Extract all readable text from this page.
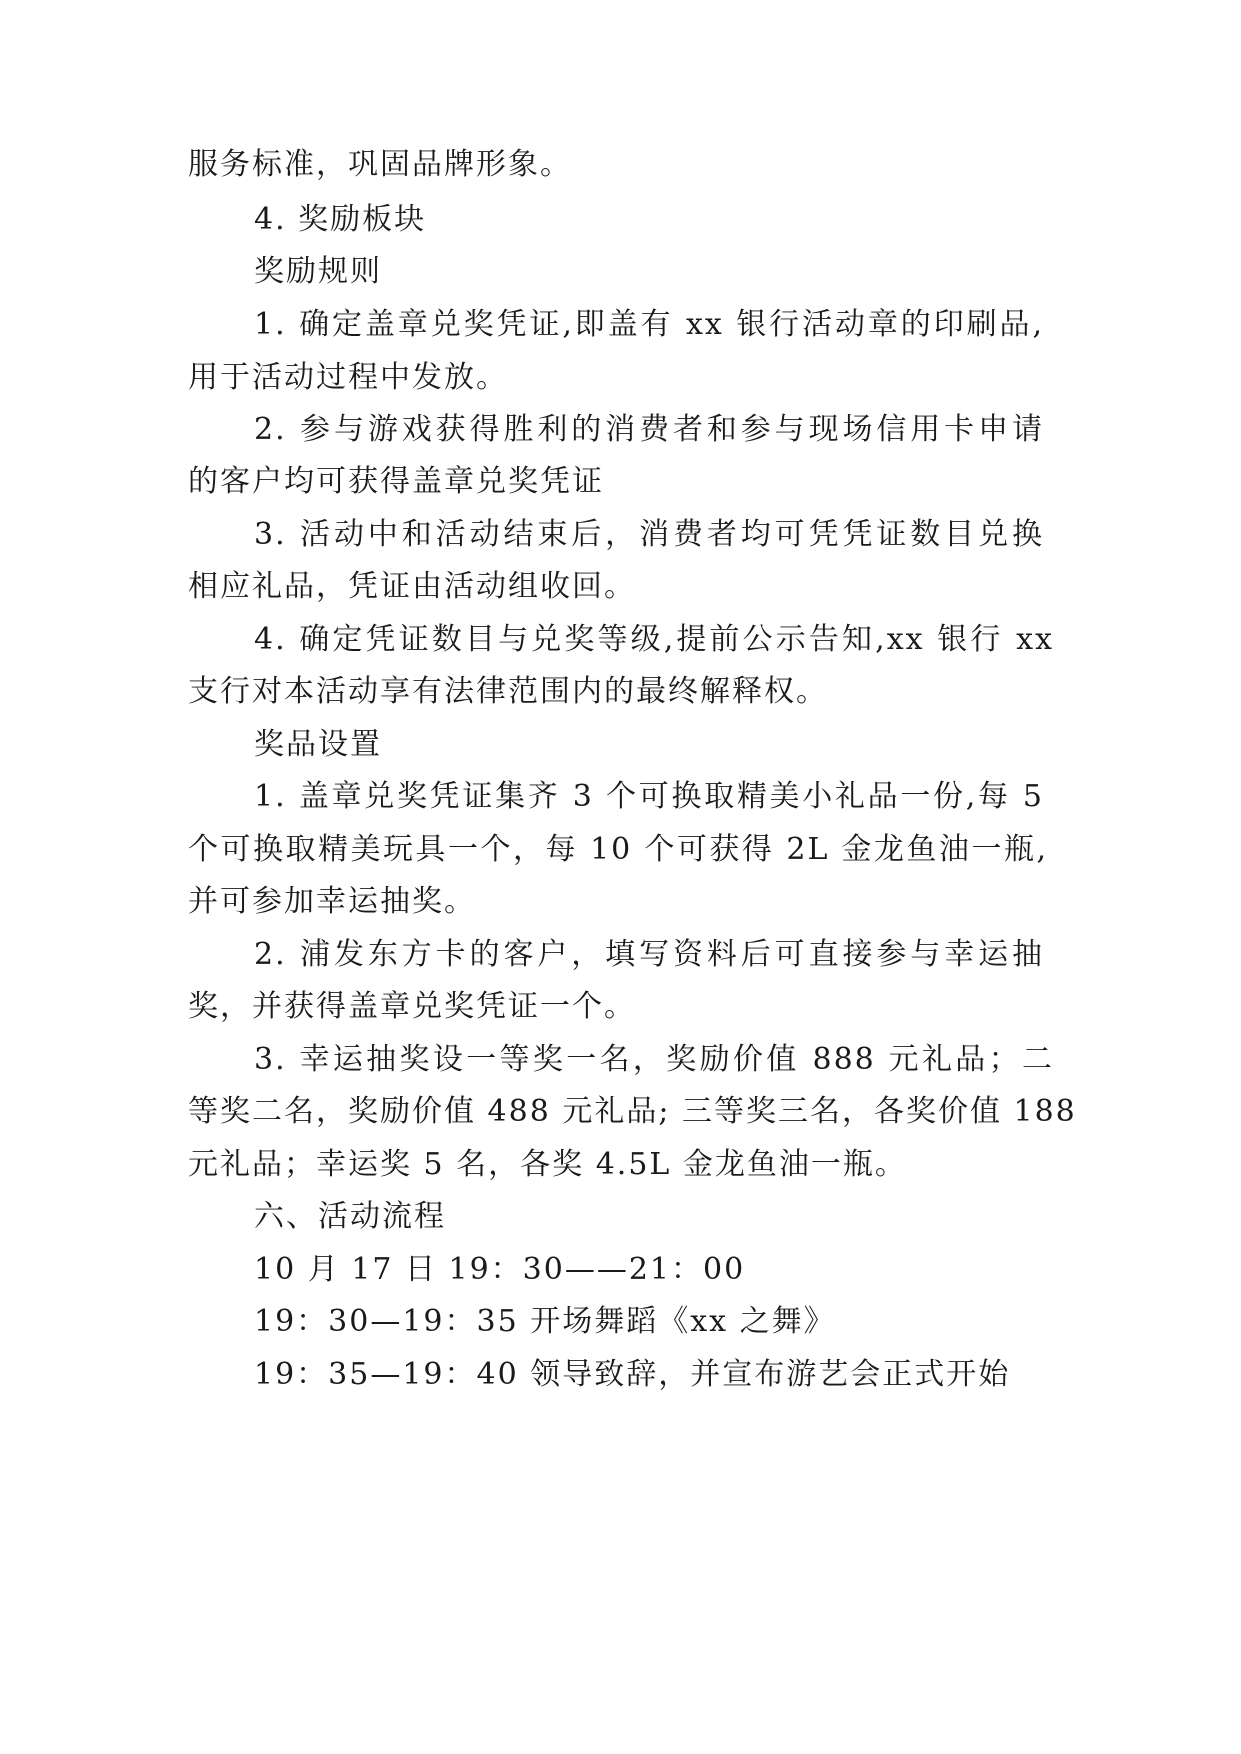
服务标准，巩固品牌形象。
4. 奖励板块
奖励规则
1. 确定盖章兑奖凭证,即盖有 xx 银行活动章的印刷品,
用于活动过程中发放。
2. 参与游戏获得胜利的消费者和参与现场信用卡申请
的客户均可获得盖章兑奖凭证
3. 活动中和活动结束后，消费者均可凭凭证数目兑换
相应礼品，凭证由活动组收回。
4. 确定凭证数目与兑奖等级,提前公示告知,xx 银行 xx
支行对本活动享有法律范围内的最终解释权。
奖品设置
1. 盖章兑奖凭证集齐 3 个可换取精美小礼品一份,每 5
个可换取精美玩具一个，每 10 个可获得 2L 金龙鱼油一瓶,
并可参加幸运抽奖。
2. 浦发东方卡的客户，填写资料后可直接参与幸运抽
奖，并获得盖章兑奖凭证一个。
3. 幸运抽奖设一等奖一名，奖励价值 888 元礼品；二
等奖二名，奖励价值 488 元礼品; 三等奖三名，各奖价值 188
元礼品；幸运奖 5 名，各奖 4.5L 金龙鱼油一瓶。
六、活动流程
10 月 17 日 19：30——21：00
19：30—19：35 开场舞蹈《xx 之舞》
19：35—19：40 领导致辞，并宣布游艺会正式开始
